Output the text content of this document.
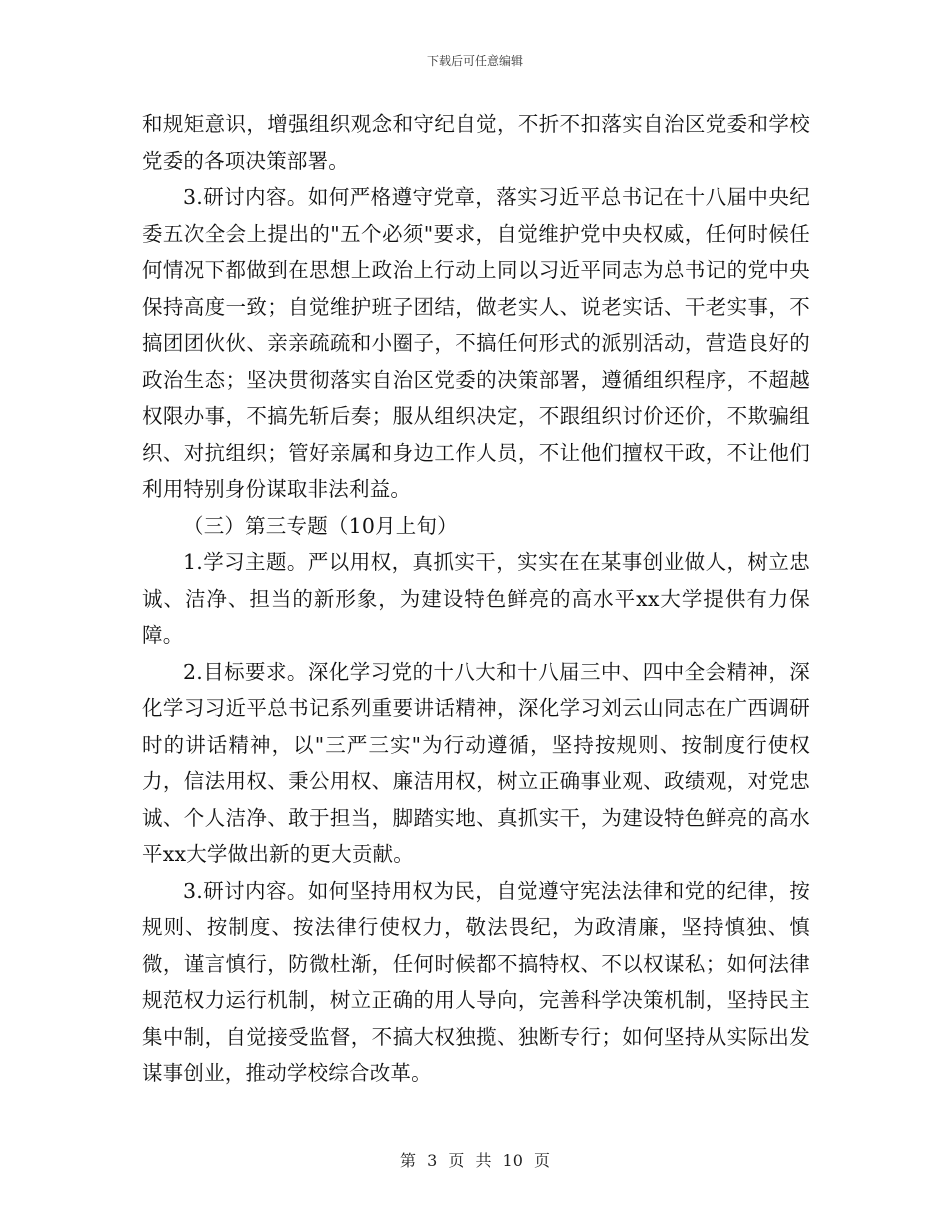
下载后可任意编辑

和规矩意识，增强组织观念和守纪自觉，不折不扣落实自治区党委和学校党委的各项决策部署。

3.研讨内容。如何严格遵守党章，落实习近平总书记在十八届中央纪委五次全会上提出的"五个必须"要求，自觉维护党中央权威，任何时候任何情况下都做到在思想上政治上行动上同以习近平同志为总书记的党中央保持高度一致；自觉维护班子团结，做老实人、说老实话、干老实事，不搞团团伙伙、亲亲疏疏和小圈子，不搞任何形式的派别活动，营造良好的政治生态；坚决贯彻落实自治区党委的决策部署，遵循组织程序，不超越权限办事，不搞先斩后奏；服从组织决定，不跟组织讨价还价，不欺骗组织、对抗组织；管好亲属和身边工作人员，不让他们擅权干政，不让他们利用特别身份谋取非法利益。

（三）第三专题（10月上旬）

1.学习主题。严以用权，真抓实干，实实在在某事创业做人，树立忠诚、洁净、担当的新形象，为建设特色鲜亮的高水平xx大学提供有力保障。

2.目标要求。深化学习党的十八大和十八届三中、四中全会精神，深化学习习近平总书记系列重要讲话精神，深化学习刘云山同志在广西调研时的讲话精神，以"三严三实"为行动遵循，坚持按规则、按制度行使权力，信法用权、秉公用权、廉洁用权，树立正确事业观、政绩观，对党忠诚、个人洁净、敢于担当，脚踏实地、真抓实干，为建设特色鲜亮的高水平xx大学做出新的更大贡献。

3.研讨内容。如何坚持用权为民，自觉遵守宪法法律和党的纪律，按规则、按制度、按法律行使权力，敬法畏纪，为政清廉，坚持慎独、慎微，谨言慎行，防微杜渐，任何时候都不搞特权、不以权谋私；如何法律规范权力运行机制，树立正确的用人导向，完善科学决策机制，坚持民主集中制，自觉接受监督，不搞大权独揽、独断专行；如何坚持从实际出发谋事创业，推动学校综合改革。

第 3 页 共 10 页
